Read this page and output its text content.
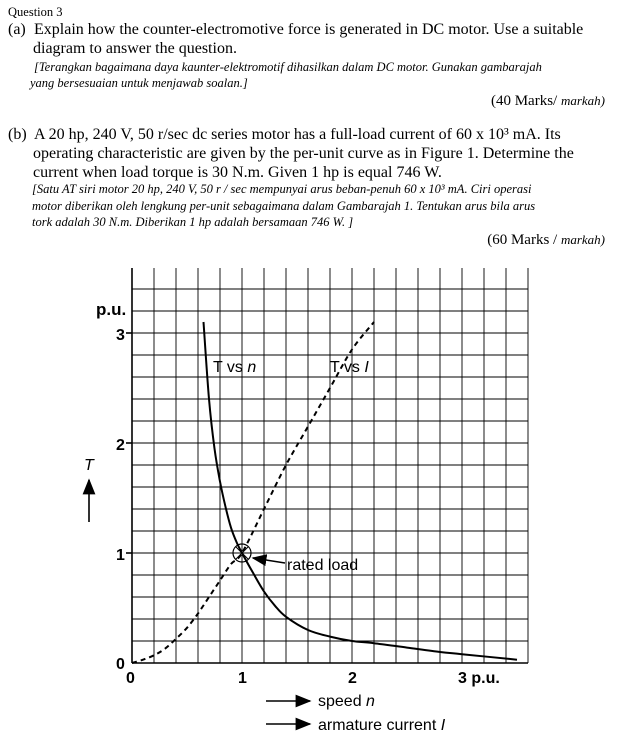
Question 3
(a) Explain how the counter-electromotive force is generated in DC motor. Use a suitable
diagram to answer the question.
[Terangkan bagaimana daya kaunter-elektromotif dihasilkan dalam DC motor. Gunakan gambarajah
yang bersesuaian untuk menjawab soalan.]
(40 Marks/ markah)
(b) A 20 hp, 240 V, 50 r/sec dc series motor has a full-load current of 60 x 10³ mA. Its
operating characteristic are given by the per-unit curve as in Figure 1. Determine the
current when load torque is 30 N.m. Given 1 hp is equal 746 W.
[Satu AT siri motor 20 hp, 240 V, 50 r / sec mempunyai arus beban-penuh 60 x 10³ mA. Ciri operasi
motor diberikan oleh lengkung per-unit sebagaimana dalam Gambarajah 1. Tentukan arus bila arus
tork adalah 30 N.m. Diberikan 1 hp adalah bersamaan 746 W. ]
(60 Marks / markah)
p.u.
3
2
1
0
T
0	1	2	3 p.u.
T vs n	T vs I
rated load
speed n
armature current I
